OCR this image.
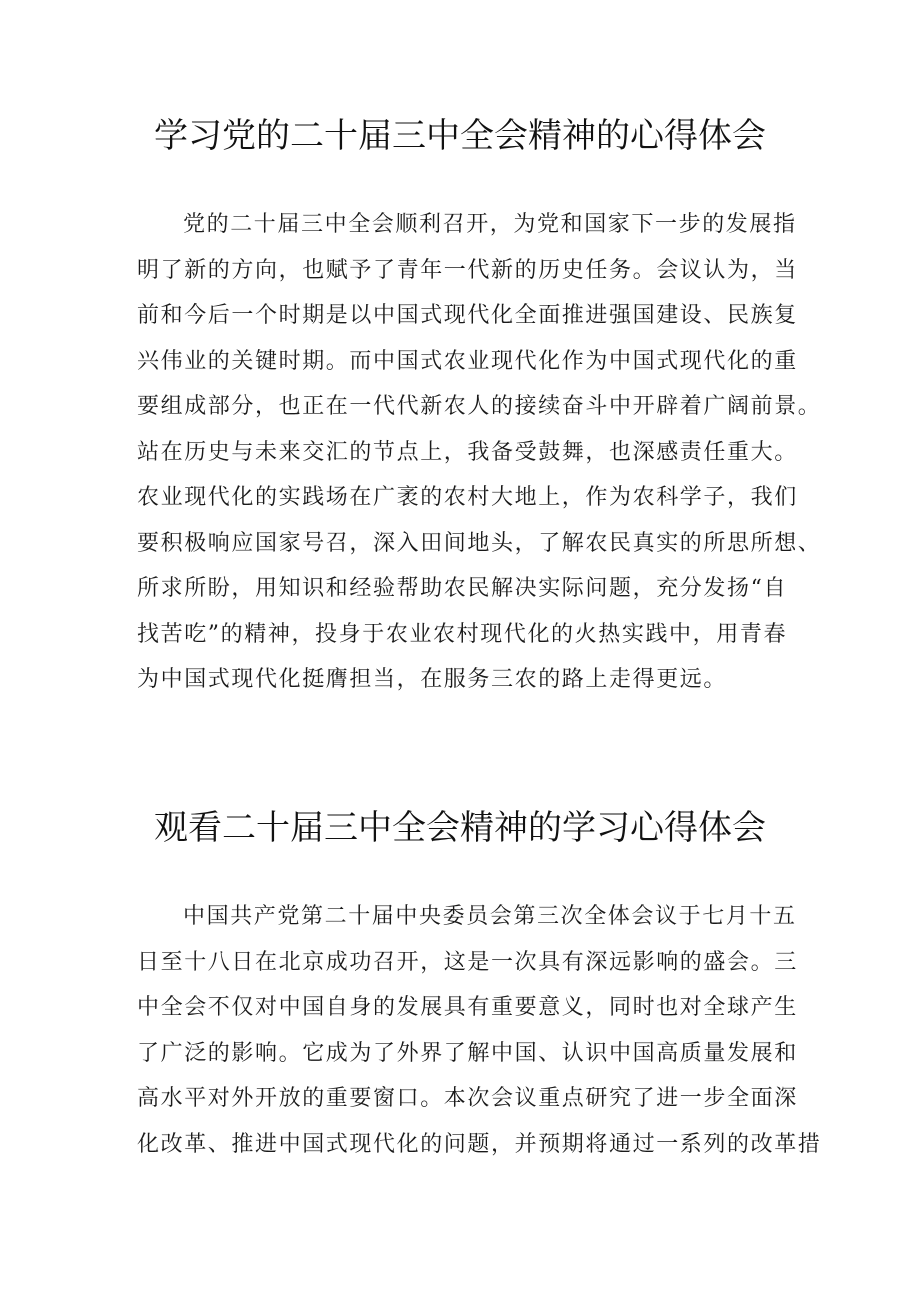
学习党的二十届三中全会精神的心得体会
党的二十届三中全会顺利召开，为党和国家下一步的发展指
明了新的方向，也赋予了青年一代新的历史任务。会议认为，当
前和今后一个时期是以中国式现代化全面推进强国建设、民族复
兴伟业的关键时期。而中国式农业现代化作为中国式现代化的重
要组成部分，也正在一代代新农人的接续奋斗中开辟着广阔前景。
站在历史与未来交汇的节点上，我备受鼓舞，也深感责任重大。
农业现代化的实践场在广袤的农村大地上，作为农科学子，我们
要积极响应国家号召，深入田间地头，了解农民真实的所思所想、
所求所盼，用知识和经验帮助农民解决实际问题，充分发扬“自
找苦吃”的精神，投身于农业农村现代化的火热实践中，用青春
为中国式现代化挺膺担当，在服务三农的路上走得更远。
观看二十届三中全会精神的学习心得体会
中国共产党第二十届中央委员会第三次全体会议于七月十五
日至十八日在北京成功召开，这是一次具有深远影响的盛会。三
中全会不仅对中国自身的发展具有重要意义，同时也对全球产生
了广泛的影响。它成为了外界了解中国、认识中国高质量发展和
高水平对外开放的重要窗口。本次会议重点研究了进一步全面深
化改革、推进中国式现代化的问题，并预期将通过一系列的改革措
